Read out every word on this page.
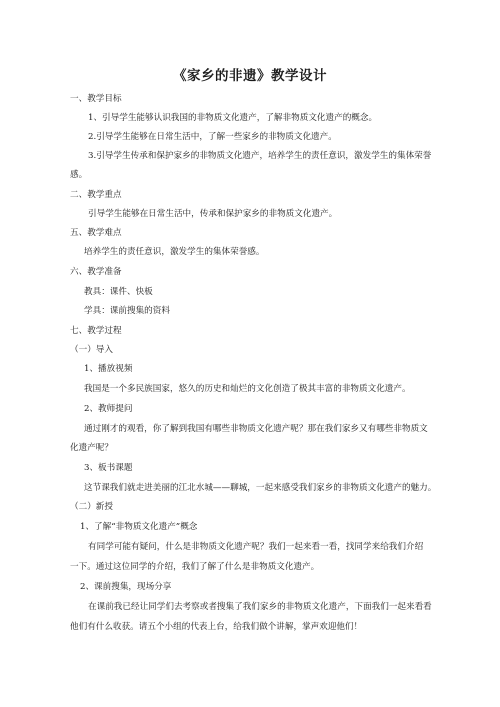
《家乡的非遗》教学设计
一、教学目标
1、引导学生能够认识我国的非物质文化遗产，了解非物质文化遗产的概念。
2.引导学生能够在日常生活中，了解一些家乡的非物质文化遗产。
3.引导学生传承和保护家乡的非物质文化遗产，培养学生的责任意识，激发学生的集体荣誉
感。
二、教学重点
引导学生能够在日常生活中，传承和保护家乡的非物质文化遗产。
五、教学难点
培养学生的责任意识，激发学生的集体荣誉感。
六、教学准备
教具：课件、快板
学具：课前搜集的资料
七、教学过程
（一）导入
1、播放视频
我国是一个多民族国家，悠久的历史和灿烂的文化创造了极其丰富的非物质文化遗产。
2、教师提问
通过刚才的观看，你了解到我国有哪些非物质文化遗产呢？那在我们家乡又有哪些非物质文
化遗产呢？
3、板书课题
这节课我们就走进美丽的江北水城——聊城，一起来感受我们家乡的非物质文化遗产的魅力。
（二）新授
1、了解“非物质文化遗产”概念
有同学可能有疑问，什么是非物质文化遗产呢？我们一起来看一看，找同学来给我们介绍
一下。通过这位同学的介绍，我们了解了什么是非物质文化遗产。
2、课前搜集，现场分享
在课前我已经让同学们去考察或者搜集了我们家乡的非物质文化遗产，下面我们一起来看看
他们有什么收获。请五个小组的代表上台，给我们做个讲解，掌声欢迎他们！
